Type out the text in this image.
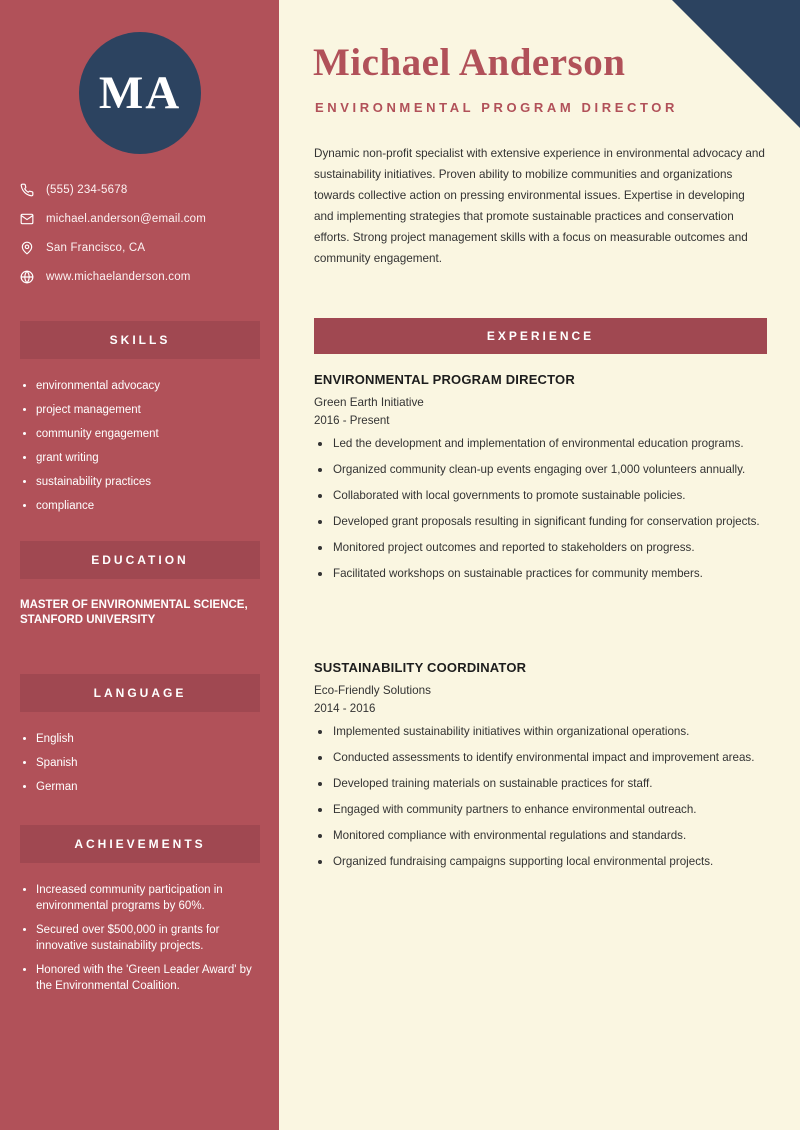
MA
(555) 234-5678
michael.anderson@email.com
San Francisco, CA
www.michaelanderson.com
SKILLS
environmental advocacy
project management
community engagement
grant writing
sustainability practices
compliance
EDUCATION
MASTER OF ENVIRONMENTAL SCIENCE, STANFORD UNIVERSITY
LANGUAGE
English
Spanish
German
ACHIEVEMENTS
Increased community participation in environmental programs by 60%.
Secured over $500,000 in grants for innovative sustainability projects.
Honored with the 'Green Leader Award' by the Environmental Coalition.
Michael Anderson
ENVIRONMENTAL PROGRAM DIRECTOR
Dynamic non-profit specialist with extensive experience in environmental advocacy and sustainability initiatives. Proven ability to mobilize communities and organizations towards collective action on pressing environmental issues. Expertise in developing and implementing strategies that promote sustainable practices and conservation efforts. Strong project management skills with a focus on measurable outcomes and community engagement.
EXPERIENCE
ENVIRONMENTAL PROGRAM DIRECTOR
Green Earth Initiative
2016 - Present
Led the development and implementation of environmental education programs.
Organized community clean-up events engaging over 1,000 volunteers annually.
Collaborated with local governments to promote sustainable policies.
Developed grant proposals resulting in significant funding for conservation projects.
Monitored project outcomes and reported to stakeholders on progress.
Facilitated workshops on sustainable practices for community members.
SUSTAINABILITY COORDINATOR
Eco-Friendly Solutions
2014 - 2016
Implemented sustainability initiatives within organizational operations.
Conducted assessments to identify environmental impact and improvement areas.
Developed training materials on sustainable practices for staff.
Engaged with community partners to enhance environmental outreach.
Monitored compliance with environmental regulations and standards.
Organized fundraising campaigns supporting local environmental projects.
